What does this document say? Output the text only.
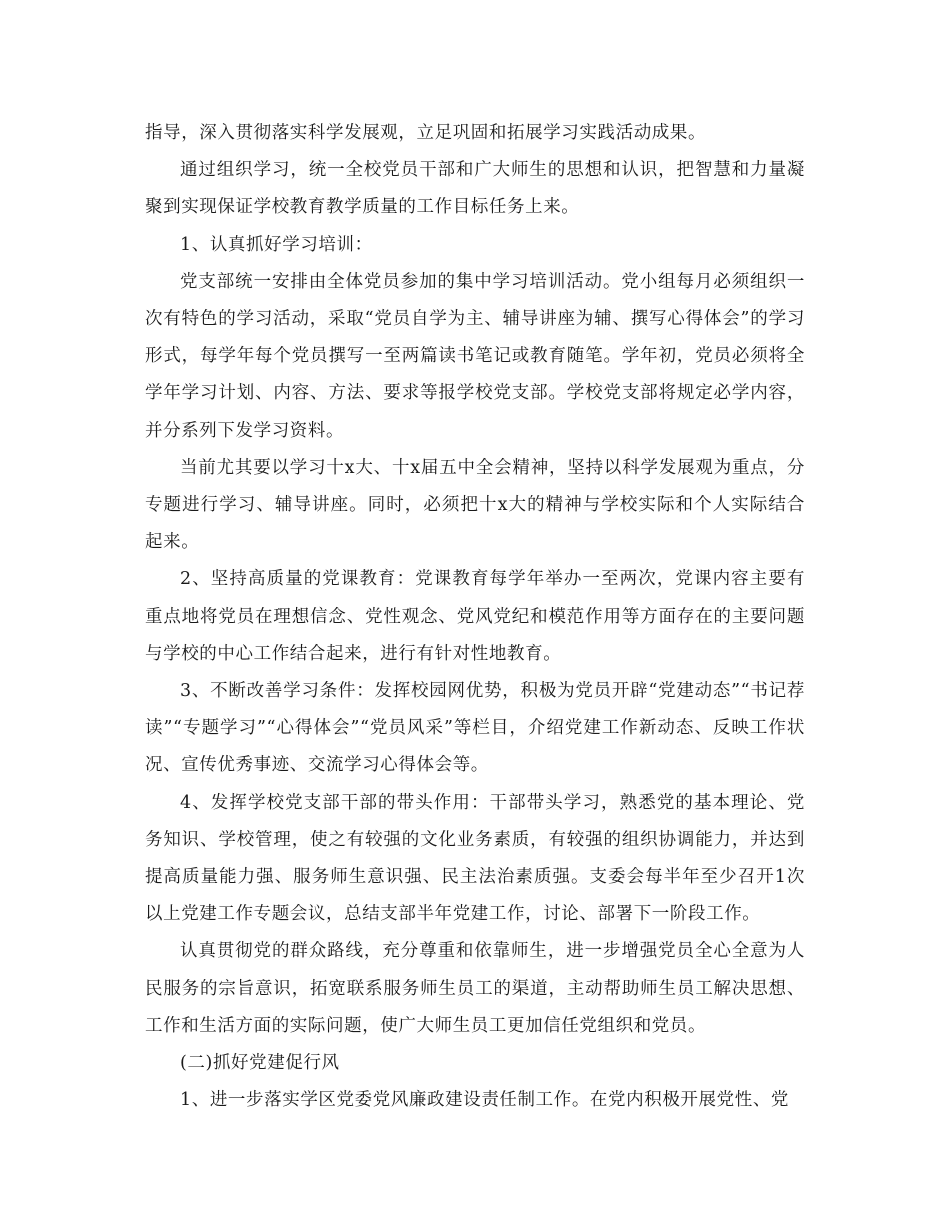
指导，深入贯彻落实科学发展观，立足巩固和拓展学习实践活动成果。

通过组织学习，统一全校党员干部和广大师生的思想和认识，把智慧和力量凝聚到实现保证学校教育教学质量的工作目标任务上来。

1、认真抓好学习培训：

党支部统一安排由全体党员参加的集中学习培训活动。党小组每月必须组织一次有特色的学习活动，采取“党员自学为主、辅导讲座为辅、撰写心得体会”的学习形式，每学年每个党员撰写一至两篇读书笔记或教育随笔。学年初，党员必须将全学年学习计划、内容、方法、要求等报学校党支部。学校党支部将规定必学内容，并分系列下发学习资料。

当前尤其要以学习十x大、十x届五中全会精神，坚持以科学发展观为重点，分专题进行学习、辅导讲座。同时，必须把十x大的精神与学校实际和个人实际结合起来。

2、坚持高质量的党课教育：党课教育每学年举办一至两次，党课内容主要有重点地将党员在理想信念、党性观念、党风党纪和模范作用等方面存在的主要问题与学校的中心工作结合起来，进行有针对性地教育。

3、不断改善学习条件：发挥校园网优势，积极为党员开辟“党建动态”“书记荐读”“专题学习”“心得体会”“党员风采”等栏目，介绍党建工作新动态、反映工作状况、宣传优秀事迹、交流学习心得体会等。

4、发挥学校党支部干部的带头作用：干部带头学习，熟悉党的基本理论、党务知识、学校管理，使之有较强的文化业务素质，有较强的组织协调能力，并达到提高质量能力强、服务师生意识强、民主法治素质强。支委会每半年至少召开1次以上党建工作专题会议，总结支部半年党建工作，讨论、部署下一阶段工作。

认真贯彻党的群众路线，充分尊重和依靠师生，进一步增强党员全心全意为人民服务的宗旨意识，拓宽联系服务师生员工的渠道，主动帮助师生员工解决思想、工作和生活方面的实际问题，使广大师生员工更加信任党组织和党员。

(二)抓好党建促行风

1、进一步落实学区党委党风廉政建设责任制工作。在党内积极开展党性、党
